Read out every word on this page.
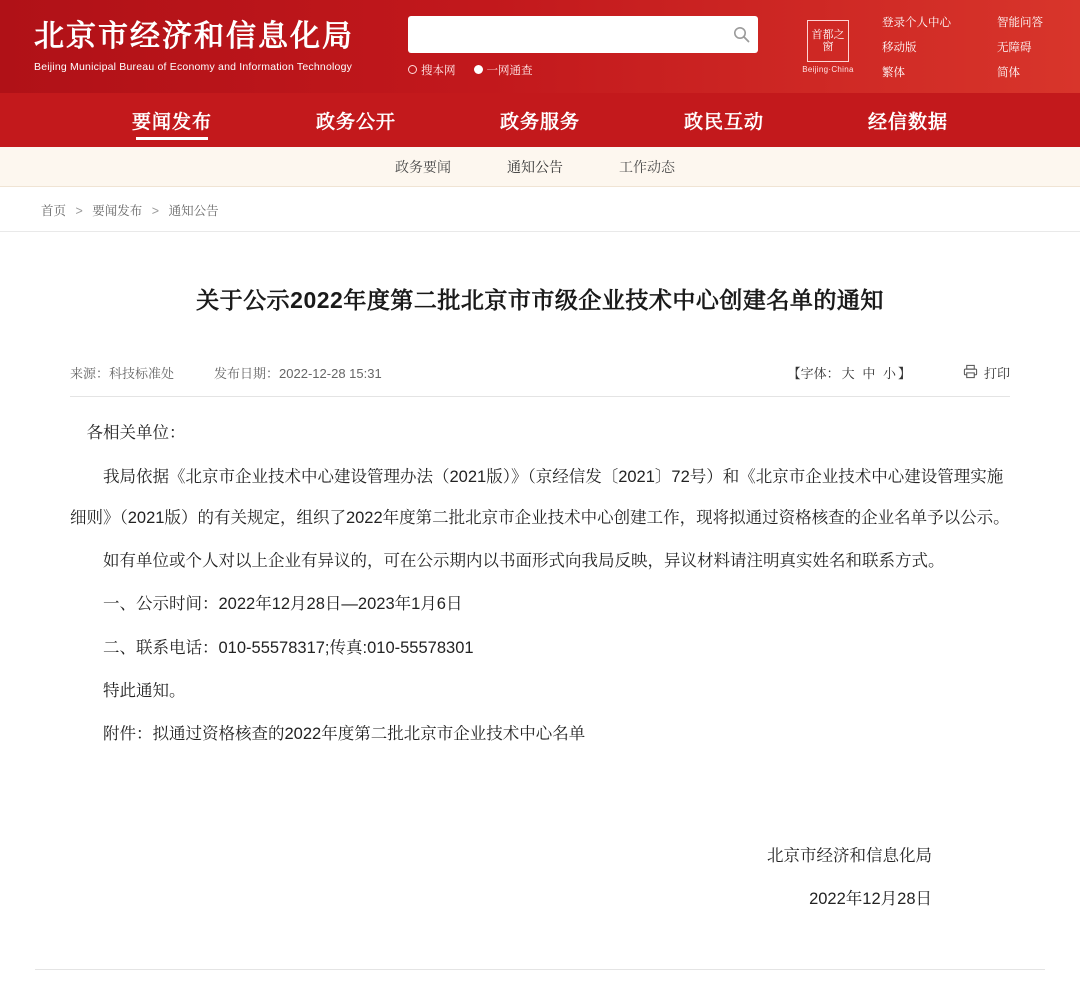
北京市经济和信息化局
Beijing Municipal Bureau of Economy and Information Technology	搜本网	一网通查
首都之窗
Beijing·China
登录个人中心
移动版
繁体
智能问答
无障碍
简体
要闻发布	政务公开	政务服务	政民互动	经信数据
政务要闻	通知公告	工作动态
首页 > 要闻发布 > 通知公告
关于公示2022年度第二批北京市市级企业技术中心创建名单的通知
来源：科技标准处	发布日期：2022-12-28 15:31	【字体： 大 中 小 】	打印

各相关单位：

我局依据《北京市企业技术中心建设管理办法（2021版）》（京经信发〔2021〕72号）和《北京市企业技术中心建设管理实施细则》（2021版）的有关规定，组织了2022年度第二批北京市企业技术中心创建工作，现将拟通过资格核查的企业名单予以公示。

如有单位或个人对以上企业有异议的，可在公示期内以书面形式向我局反映，异议材料请注明真实姓名和联系方式。

一、公示时间：2022年12月28日—2023年1月6日

二、联系电话：010-55578317;传真:010-55578301

特此通知。

附件：拟通过资格核查的2022年度第二批北京市企业技术中心名单

北京市经济和信息化局
2022年12月28日
